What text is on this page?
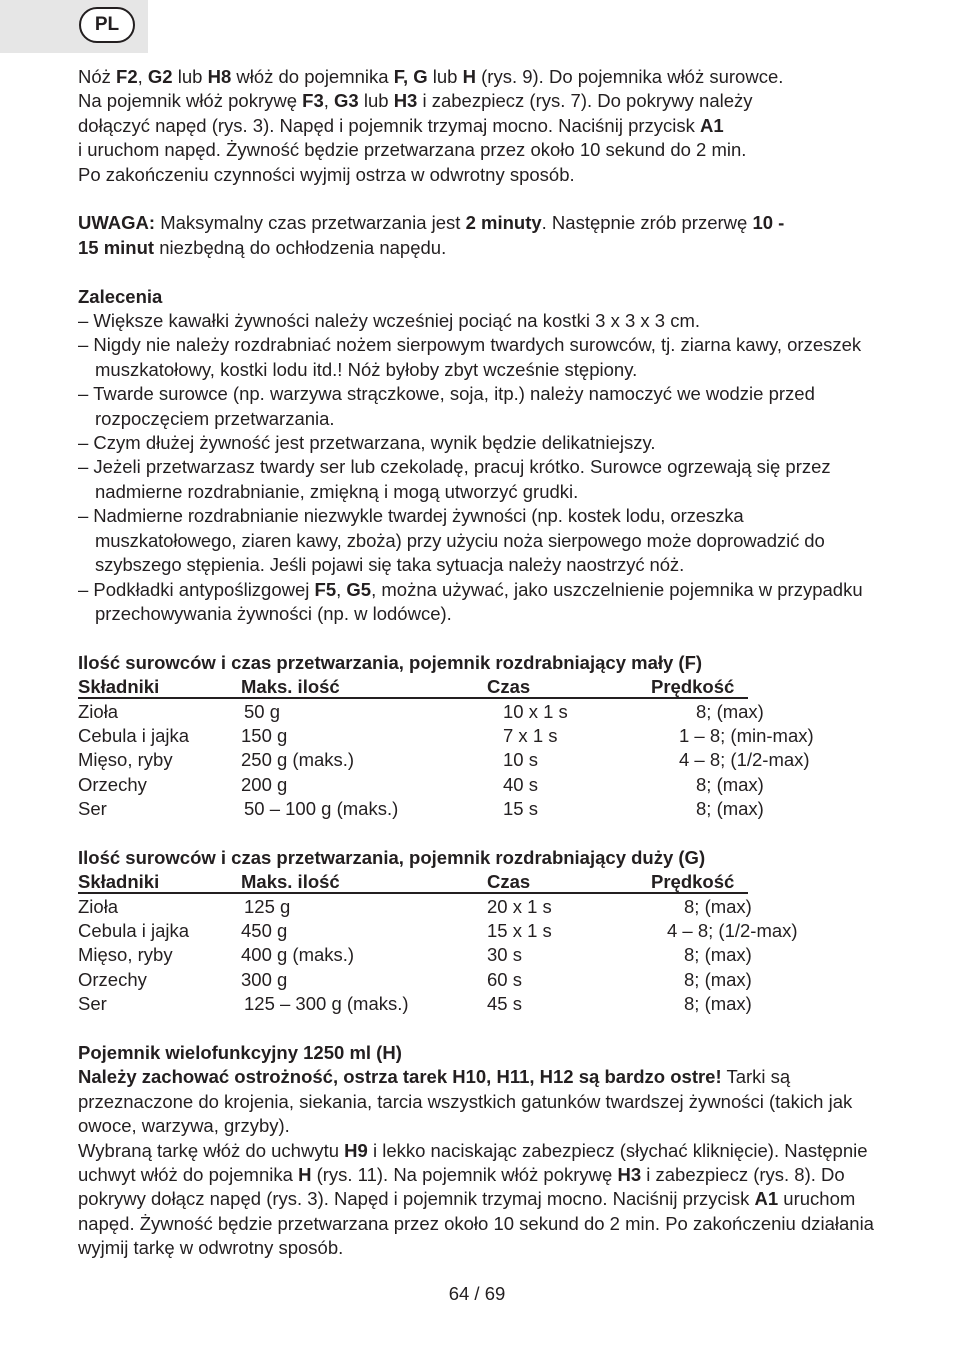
PL

Nóż F2, G2 lub H8 włóż do pojemnika F, G lub H (rys. 9). Do pojemnika włóż surowce.

Na pojemnik włóż pokrywę F3, G3 lub H3 i zabezpiecz (rys. 7). Do pokrywy należy

dołączyć napęd (rys. 3). Napęd i pojemnik trzymaj mocno. Naciśnij przycisk A1

i uruchom napęd. Żywność będzie przetwarzana przez około 10 sekund do 2 min.

Po zakończeniu czynności wyjmij ostrza w odwrotny sposób.

UWAGA: Maksymalny czas przetwarzania jest 2 minuty. Następnie zrób przerwę 10 -
15 minut niezbędną do ochłodzenia napędu.

Zalecenia

– Większe kawałki żywności należy wcześniej pociąć na kostki 3 x 3 x 3 cm.

– Nigdy nie należy rozdrabniać nożem sierpowym twardych surowców, tj. ziarna kawy, orzeszek muszkatołowy, kostki lodu itd.! Nóż byłoby zbyt wcześnie stępiony.

– Twarde surowce (np. warzywa strączkowe, soja, itp.) należy namoczyć we wodzie przed rozpoczęciem przetwarzania.

– Czym dłużej żywność jest przetwarzana, wynik będzie delikatniejszy.

– Jeżeli przetwarzasz twardy ser lub czekoladę, pracuj krótko. Surowce ogrzewają się przez nadmierne rozdrabnianie, zmiękną i mogą utworzyć grudki.

– Nadmierne rozdrabnianie niezwykle twardej żywności (np. kostek lodu, orzeszka muszkatołowego, ziaren kawy, zboża) przy użyciu noża sierpowego może doprowadzić do szybszego stępienia. Jeśli pojawi się taka sytuacja należy naostrzyć nóż.

– Podkładki antypoślizgowej F5, G5, można używać, jako uszczelnienie pojemnika w przypadku przechowywania żywności (np. w lodówce).

Ilość surowców i czas przetwarzania, pojemnik rozdrabniający mały (F)

Składniki	Maks. ilość	Czas	Prędkość
Zioła	50 g	10 x 1 s	8; (max)
Cebula i jajka	150 g	7 x 1 s	1 – 8; (min-max)
Mięso, ryby	250 g (maks.)	10 s	4 – 8; (1/2-max)
Orzechy	200 g	40 s	8; (max)
Ser	50 – 100 g (maks.)	15 s	8; (max)

Ilość surowców i czas przetwarzania, pojemnik rozdrabniający duży (G)

Składniki	Maks. ilość	Czas	Prędkość
Zioła	125 g	20 x 1 s	8; (max)
Cebula i jajka	450 g	15 x 1 s	4 – 8; (1/2-max)
Mięso, ryby	400 g (maks.)	30 s	8; (max)
Orzechy	300 g	60 s	8; (max)
Ser	125 – 300 g (maks.)	45 s	8; (max)

Pojemnik wielofunkcyjny 1250 ml (H)

Należy zachować ostrożność, ostrza tarek H10, H11, H12 są bardzo ostre! Tarki są przeznaczone do krojenia, siekania, tarcia wszystkich gatunków twardszej żywności (takich jak owoce, warzywa, grzyby).

Wybraną tarkę włóż do uchwytu H9 i lekko naciskając zabezpiecz (słychać kliknięcie). Następnie uchwyt włóż do pojemnika H (rys. 11). Na pojemnik włóż pokrywę H3 i zabezpiecz (rys. 8). Do pokrywy dołącz napęd (rys. 3). Napęd i pojemnik trzymaj mocno. Naciśnij przycisk A1 uruchom napęd. Żywność będzie przetwarzana przez około 10 sekund do 2 min. Po zakończeniu działania wyjmij tarkę w odwrotny sposób.

64 / 69
